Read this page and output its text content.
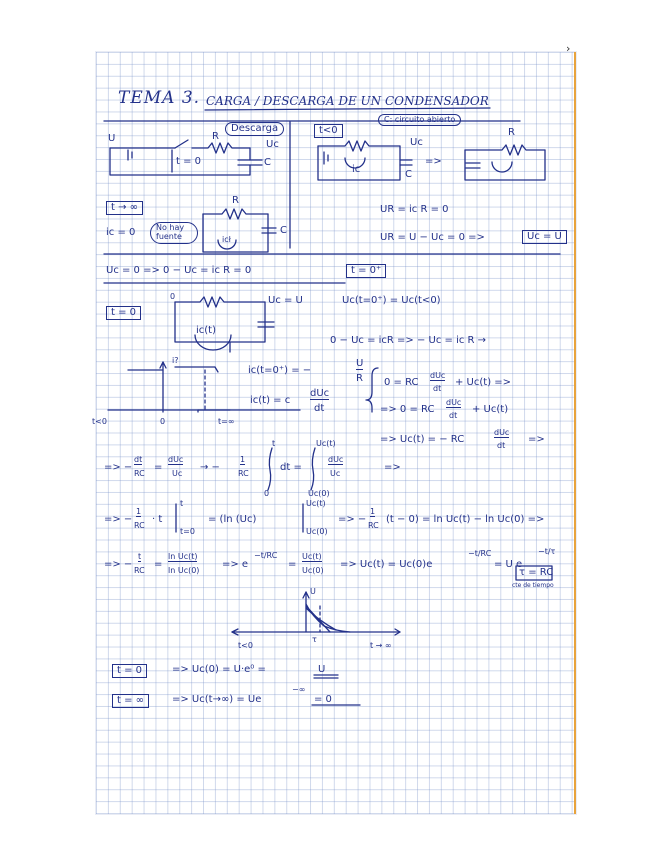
›
TEMA 3. CARGA / DESCARGA DE UN CONDENSADOR
Descarga
R
Uc
C
U
t = 0
t<0
C: circuito abierto
R
Uc
ic	C
=>
t → ∞
R
ic = 0	No hay fuente
C
icł
UR = ic R = 0
UR = U − Uc = 0 =>	Uc = U
Uc = 0 => 0 − Uc = ic R = 0	t = 0⁺
t = 0
Uc = U	Uc(t=0⁺) = Uc(t<0)
ic(t)
0
0 − Uc = icR => − Uc = ic R →
i?
t<0	0	t=∞
ic(t=0⁺) = −
U
R
ic(t) = c
dUc
dt
0 = RC
dUc
dt
+ Uc(t) =>
=> 0 = RC
dUc
dt
+ Uc(t)
=> Uc(t) = − RC
dUc
dt
=>
=> −
dt
RC
=
dUc
Uc
→ −
1
RC
t
0
dt =
Uc(t)
Uc(0)
dUc
Uc
=>
=> −
1
RC
· t
t
t=0
= (ln (Uc)
Uc(t)
Uc(0)
=> −
1
RC
(t − 0) = ln Uc(t) − ln Uc(0) =>
=> −
t
RC
=
ln Uc(t)
ln Uc(0)
=> e
−t/RC
=
Uc(t)
Uc(0)
=> Uc(t) = Uc(0)e
−t/RC
= U e
−t/τ
τ = RC
cte de tiempo
U
t<0	t → ∞
τ
t = 0	=> Uc(0) = U·e⁰ =	U
t = ∞	=> Uc(t→∞) = Ue
−∞
= 0
